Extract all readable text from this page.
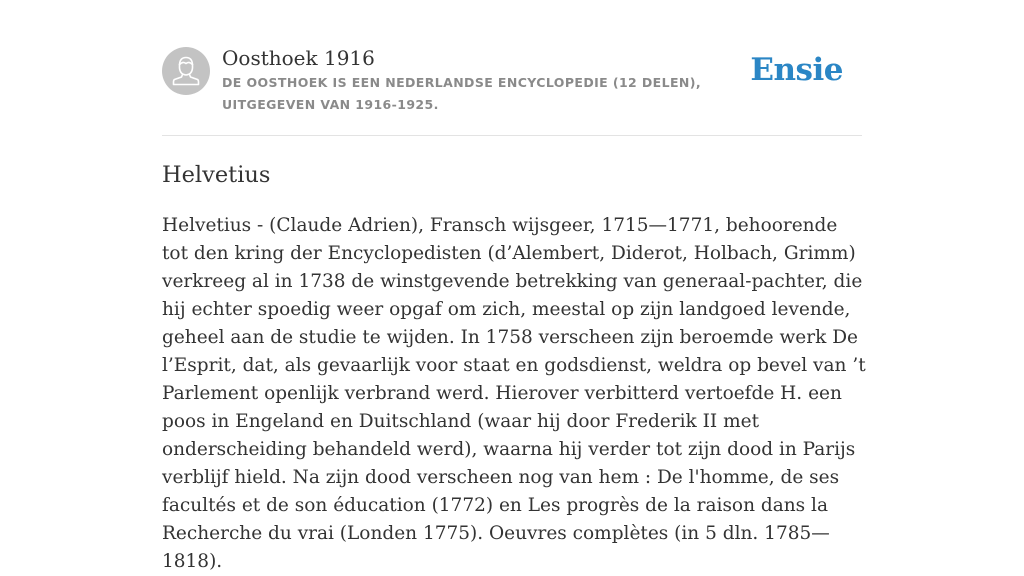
Oosthoek 1916
DE OOSTHOEK IS EEN NEDERLANDSE ENCYCLOPEDIE (12 DELEN), UITGEGEVEN VAN 1916-1925.
Ensie
Helvetius

Helvetius - (Claude Adrien), Fransch wijsgeer, 1715—1771, behoorende tot den kring der Encyclopedisten (d’Alembert, Diderot, Holbach, Grimm) verkreeg al in 1738 de winstgevende betrekking van generaal-pachter, die hij echter spoedig weer opgaf om zich, meestal op zijn landgoed levende, geheel aan de studie te wijden. In 1758 verscheen zijn beroemde werk De l’Esprit, dat, als gevaarlijk voor staat en godsdienst, weldra op bevel van ’t Parlement openlijk verbrand werd. Hierover verbitterd vertoefde H. een poos in Engeland en Duitschland (waar hij door Frederik II met onderscheiding behandeld werd), waarna hij verder tot zijn dood in Parijs verblijf hield. Na zijn dood verscheen nog van hem : De l'homme, de ses facultés et de son éducation (1772) en Les progrès de la raison dans la Recherche du vrai (Londen 1775). Oeuvres complètes (in 5 dln. 1785—1818).
